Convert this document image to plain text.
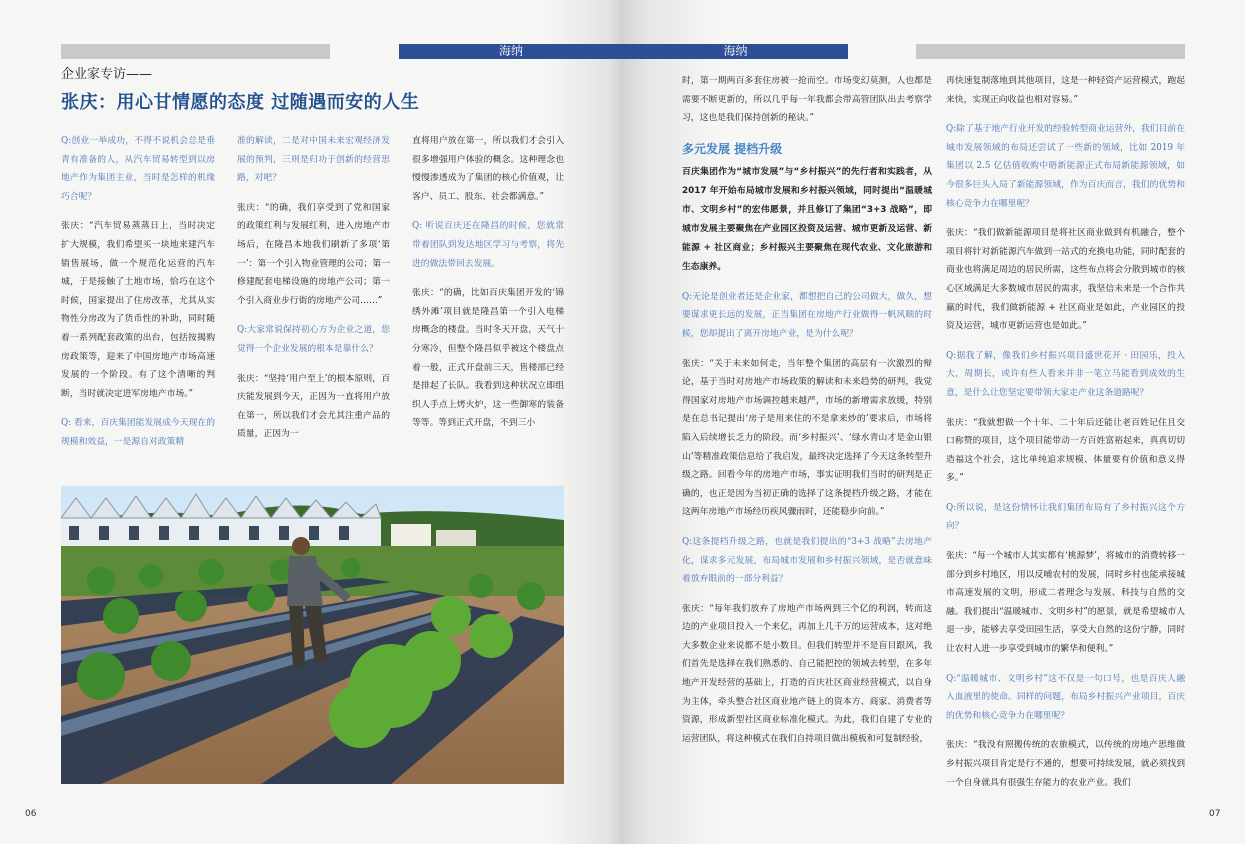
海纳
企业家专访——
张庆：用心甘情愿的态度 过随遇而安的人生

Q:创业一举成功，不得不说机会总是垂青有准备的人，从汽车贸易转型到以房地产作为集团主业，当时是怎样的机缘巧合呢？

张庆：“汽车贸易蒸蒸日上，当时决定扩大规模，我们希望买一块地来建汽车销售展场，做一个规范化运营的汽车城，于是接触了土地市场，恰巧在这个时候，国家提出了住房改革，尤其从实物性分房改为了货币性的补助，同时随着一系列配套政策的出台，包括按揭购房政策等，迎来了中国房地产市场高速发展的一个阶段。有了这个清晰的判断，当时就决定进军房地产市场。”

Q: 看来，百庆集团能发展成今天现在的规模和效益，一是源自对政策精

准的解读，二是对中国未来宏观经济发展的预判，三则是归功于创新的经营思路，对吧？

张庆：“的确，我们享受到了党和国家的政策红利与发展红利，进入房地产市场后，在隆昌本地我们刷新了多项‘第一’：第一个引入物业管理的公司；第一修建配套电梯设施的房地产公司；第一个引入商业步行街的房地产公司……”

Q:大家常说保持初心方为企业之道，您觉得一个企业发展的根本是靠什么？

张庆：“坚持‘用户至上’的根本原则，百庆能发展到今天，正因为一直将用户放在第一，所以我们才会尤其注重产品的质量，正因为一

直将用户放在第一，所以我们才会引入很多增强用户体验的概念。这种理念也慢慢渗透成为了集团的核心价值观，让客户、员工、股东、社会都满意。”

Q: 听说百庆还在隆昌的时候，您就常带着团队到发达地区学习与考察，将先进的做法带回去发展。

张庆：“的确，比如百庆集团开发的‘锦绣外滩’项目就是隆昌第一个引入电梯房概念的楼盘。当时冬天开盘，天气十分寒冷，但整个隆昌似乎被这个楼盘点着一般，正式开盘前三天，售楼部已经是排起了长队。我看到这种状况立即组织人手点上烤火炉，这一些御寒的装备等等。等到正式开盘，不到三小

06
海纳

时，第一期两百多套住房被一抢而空。市场变幻莫测，人也都是需要不断更新的，所以几乎每一年我都会带高管团队出去考察学习，这也是我们保持创新的秘诀。”

多元发展 提档升级

百庆集团作为“城市发展”与“乡村振兴”的先行者和实践者，从 2017 年开始布局城市发展和乡村振兴领域，同时提出“温暖城市、文明乡村”的宏伟愿景，并且修订了集团“3+3 战略”，即城市发展主要聚焦在产业园区投资及运营、城市更新及运营、新能源 + 社区商业；乡村振兴主要聚焦在现代农业、文化旅游和生态康养。

Q:无论是创业者还是企业家，都想把自己的公司做大，做久，想要谋求更长远的发展，正当集团在房地产行业做得一帆风顺的时候，您却提出了离开房地产业，是为什么呢？

张庆：“关于未来如何走，当年整个集团的高层有一次激烈的辩论，基于当时对房地产市场政策的解读和未来趋势的研判，我觉得国家对房地产市场调控越来越严，市场的新增需求放缓，特别是在总书记提出‘房子是用来住的不是拿来炒的’要求后，市场将陷入后续增长乏力的阶段。而‘乡村振兴’、‘绿水青山才是金山银山’等精准政策信息给了我启发，最终决定选择了今天这条转型升级之路。回看今年的房地产市场，事实证明我们当时的研判是正确的，也正是因为当初正确的选择了这条提档升级之路，才能在这两年房地产市场经历疾风骤雨时，还能稳步向前。”

Q:这条提档升级之路，也就是我们提出的“3+3 战略”去房地产化，谋求多元发展，布局城市发展和乡村振兴领域，是否就意味着放弃眼前的一部分利益？

张庆：“每年我们放弃了房地产市场两到三个亿的利润，转而这边的产业项目投入一个来亿，再加上几千万的运营成本，这对绝大多数企业来说都不是小数目。但我们转型并不是盲目跟风，我们首先是选择在我们熟悉的、自己能把控的领域去转型，在多年地产开发经营的基础上，打造的百庆社区商业经营模式，以自身为主体，牵头整合社区商业地产链上的资本方、商家、消费者等资源，形成新型社区商业标准化模式。为此，我们自建了专业的运营团队，将这种模式在我们自持项目做出模板和可复制经验，

再快速复制落地到其他项目，这是一种轻资产运营模式，跑起来快，实现正向收益也相对容易。”

Q:除了基于地产行业开发的经验转型商业运营外，我们目前在城市发展领域的布局还尝试了一些新的领域，比如 2019 年集团以 2.5 亿估值收购中晤新能源正式布局新能源领域，如今很多巨头入局了新能源领域，作为百庆而言，我们的优势和核心竞争力在哪里呢？

张庆：“我们做新能源项目是将社区商业做到有机融合，整个项目将针对新能源汽车做到一站式的充换电功能，同时配套的商业也将满足周边的居民所需，这些布点将会分散到城市的核心区域满足大多数城市居民的需求，我坚信未来是一个合作共赢的时代，我们做新能源 + 社区商业是如此，产业园区的投资及运营，城市更新运营也是如此。”

Q:据我了解，像我们乡村振兴项目盛世花开 · 田园乐，投入大，周期长，或许有些人看来并非一笔立马能看到成效的生意，是什么让您坚定要带领大家走产业这条道路呢？

张庆：“我就想做一个十年、二十年后还能让老百姓记住且交口称赞的项目，这个项目能带动一方百姓富裕起来，真真切切造福这个社会，这比单纯追求规模、体量要有价值和意义得多。”

Q:所以说，是这份情怀让我们集团布局有了乡村振兴这个方向？

张庆：“每一个城市人其实都有‘桃源梦’，将城市的消费转移一部分到乡村地区，用以反哺农村的发展，同时乡村也能承接城市高速发展的文明，形成二者理念与发展、科技与自然的交融。我们提出“温暖城市、文明乡村”的愿景，就是希望城市人退一步，能够去享受田园生活，享受大自然的这份宁静，同时让农村人进一步享受到城市的繁华和便利。”

Q:“温暖城市、文明乡村”这不仅是一句口号，也是百庆人融入血液里的使命。同样的问题，布局乡村振兴产业项目，百庆的优势和核心竞争力在哪里呢？

张庆：“我没有照搬传统的农旅模式，以传统的房地产思维做乡村振兴项目肯定是行不通的，想要可持续发展，就必须找到一个自身就具有很强生存能力的农业产业。我们

07
